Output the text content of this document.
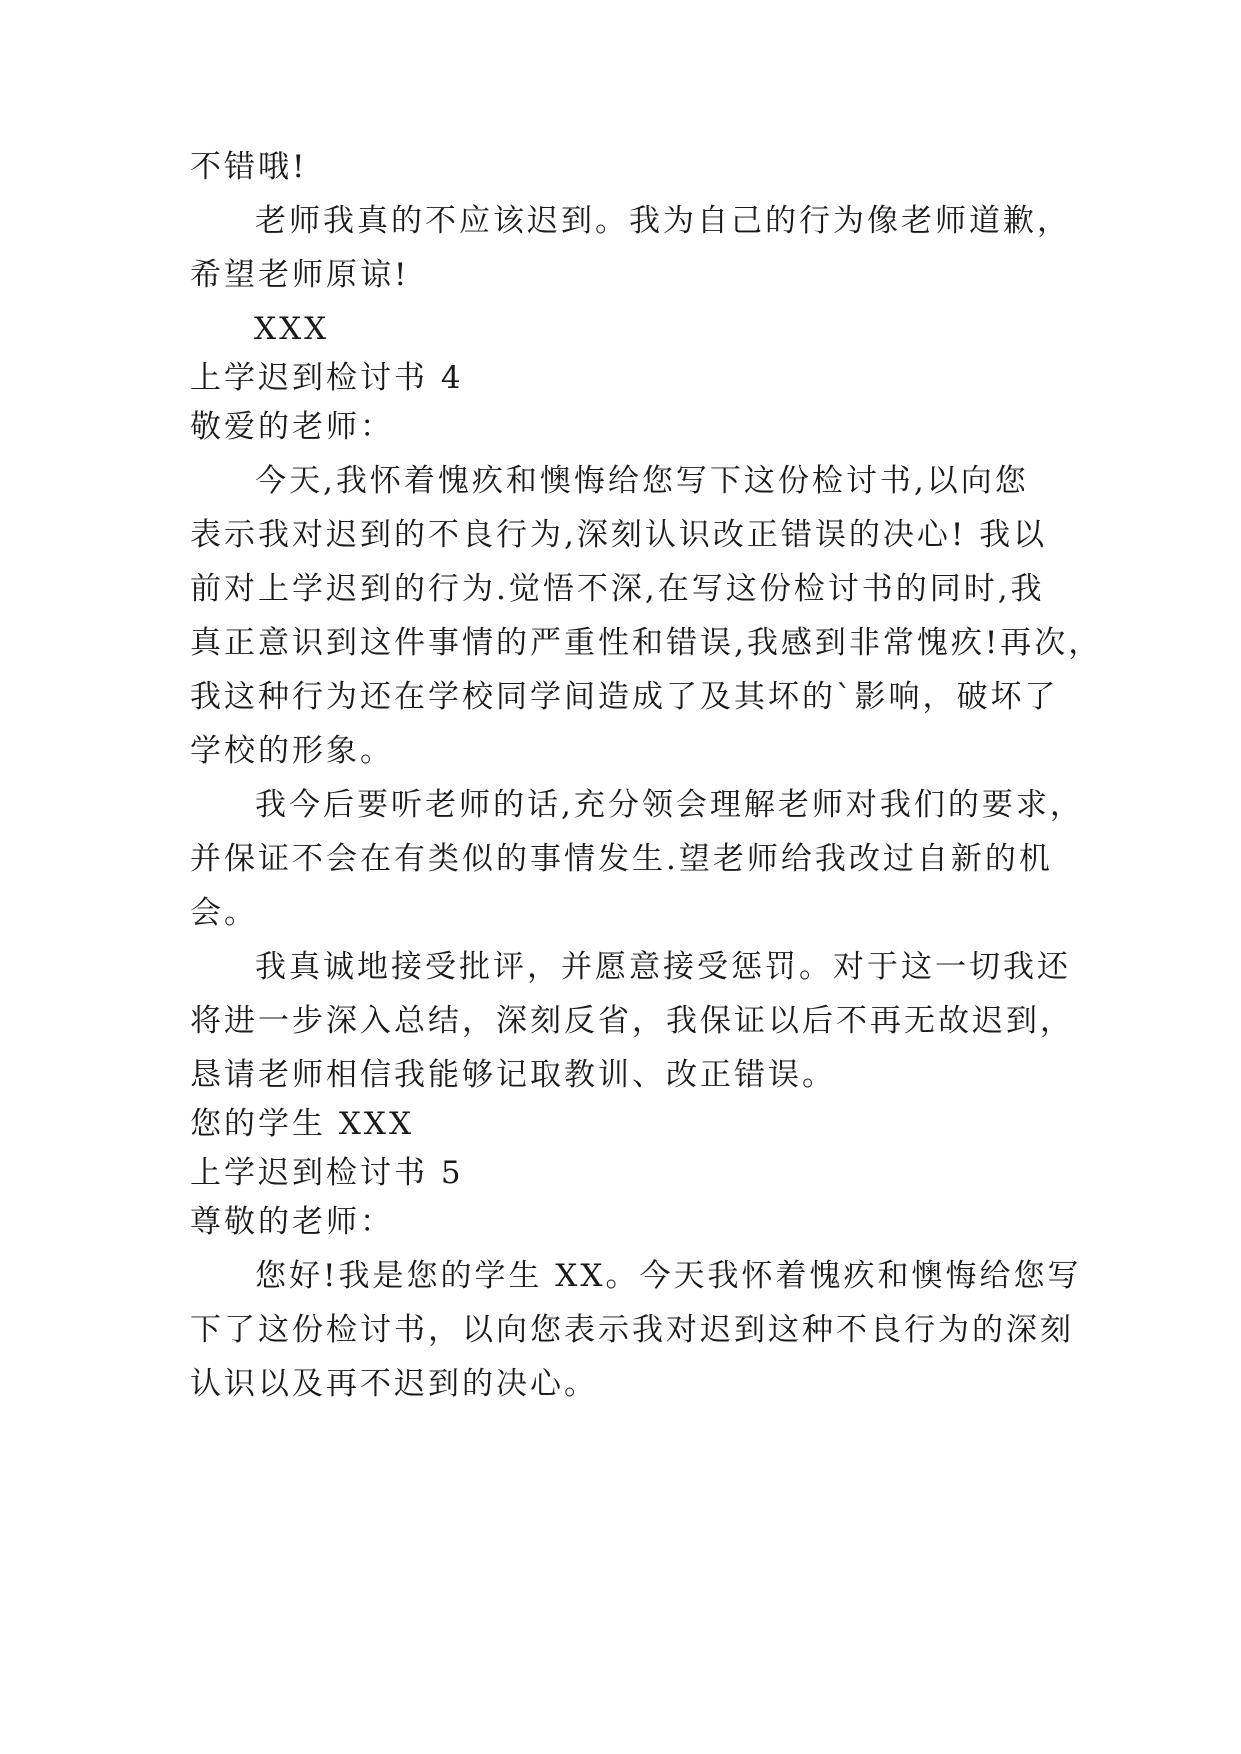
不错哦!
老师我真的不应该迟到。我为自己的行为像老师道歉，
希望老师原谅!
XXX
上学迟到检讨书 4
敬爱的老师：
今天,我怀着愧疚和懊悔给您写下这份检讨书,以向您
表示我对迟到的不良行为,深刻认识改正错误的决心! 我以
前对上学迟到的行为.觉悟不深,在写这份检讨书的同时,我
真正意识到这件事情的严重性和错误,我感到非常愧疚!再次，
我这种行为还在学校同学间造成了及其坏的`影响，破坏了
学校的形象。
我今后要听老师的话,充分领会理解老师对我们的要求，
并保证不会在有类似的事情发生.望老师给我改过自新的机
会。
我真诚地接受批评，并愿意接受惩罚。对于这一切我还
将进一步深入总结，深刻反省，我保证以后不再无故迟到，
恳请老师相信我能够记取教训、改正错误。
您的学生 XXX
上学迟到检讨书 5
尊敬的老师：
您好!我是您的学生 XX。今天我怀着愧疚和懊悔给您写
下了这份检讨书，以向您表示我对迟到这种不良行为的深刻
认识以及再不迟到的决心。
